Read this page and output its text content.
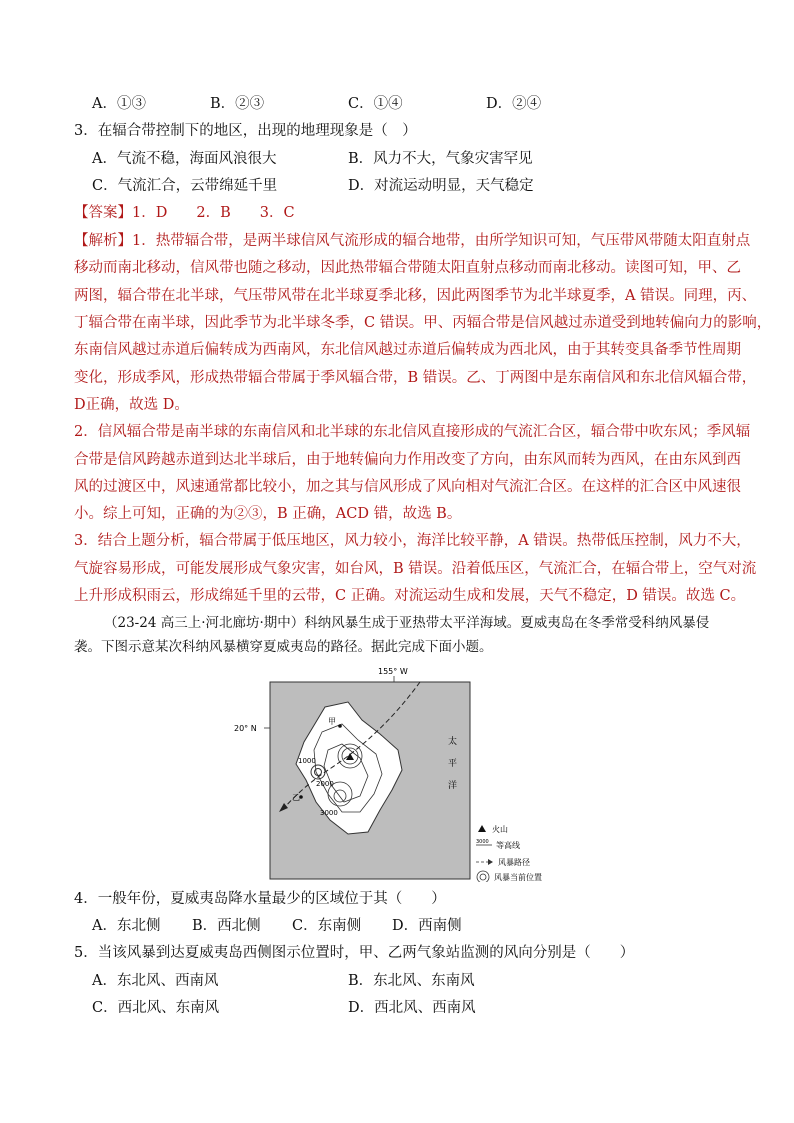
A．①③	B．②③	C．①④	D．②④
3．在辐合带控制下的地区，出现的地理现象是（　）
A．气流不稳，海面风浪很大	B．风力不大，气象灾害罕见
C．气流汇合，云带绵延千里	D．对流运动明显，天气稳定
【答案】1．D　　2．B　　3．C
【解析】1．热带辐合带，是两半球信风气流形成的辐合地带，由所学知识可知，气压带风带随太阳直射点
移动而南北移动，信风带也随之移动，因此热带辐合带随太阳直射点移动而南北移动。读图可知，甲、乙
两图，辐合带在北半球，气压带风带在北半球夏季北移，因此两图季节为北半球夏季，A 错误。同理，丙、
丁辐合带在南半球，因此季节为北半球冬季，C 错误。甲、丙辐合带是信风越过赤道受到地转偏向力的影响，
东南信风越过赤道后偏转成为西南风，东北信风越过赤道后偏转成为西北风，由于其转变具备季节性周期
变化，形成季风，形成热带辐合带属于季风辐合带，B 错误。乙、丁两图中是东南信风和东北信风辐合带，
D正确，故选 D。
2．信风辐合带是南半球的东南信风和北半球的东北信风直接形成的气流汇合区，辐合带中吹东风；季风辐
合带是信风跨越赤道到达北半球后，由于地转偏向力作用改变了方向，由东风而转为西风，在由东风到西
风的过渡区中，风速通常都比较小，加之其与信风形成了风向相对气流汇合区。在这样的汇合区中风速很
小。综上可知，正确的为②③，B 正确，ACD 错，故选 B。
3．结合上题分析，辐合带属于低压地区，风力较小，海洋比较平静，A 错误。热带低压控制，风力不大，
气旋容易形成，可能发展形成气象灾害，如台风，B 错误。沿着低压区，气流汇合，在辐合带上，空气对流
上升形成积雨云，形成绵延千里的云带，C 正确。对流运动生成和发展，天气不稳定，D 错误。故选 C。
（23-24 高三上·河北廊坊·期中）科纳风暴生成于亚热带太平洋海域。夏威夷岛在冬季常受科纳风暴侵
袭。下图示意某次科纳风暴横穿夏威夷岛的路径。据此完成下面小题。
155° W
20° N
甲
乙
太
平
洋
1000
2000
3000
火山
3000 等高线
风暴路径
风暴当前位置
4．一般年份，夏威夷岛降水量最少的区域位于其（　　）
A．东北侧 B．西北侧 C．东南侧 D．西南侧
5．当该风暴到达夏威夷岛西侧图示位置时，甲、乙两气象站监测的风向分别是（　　）
A．东北风、西南风	B．东北风、东南风
C．西北风、东南风	D．西北风、西南风
